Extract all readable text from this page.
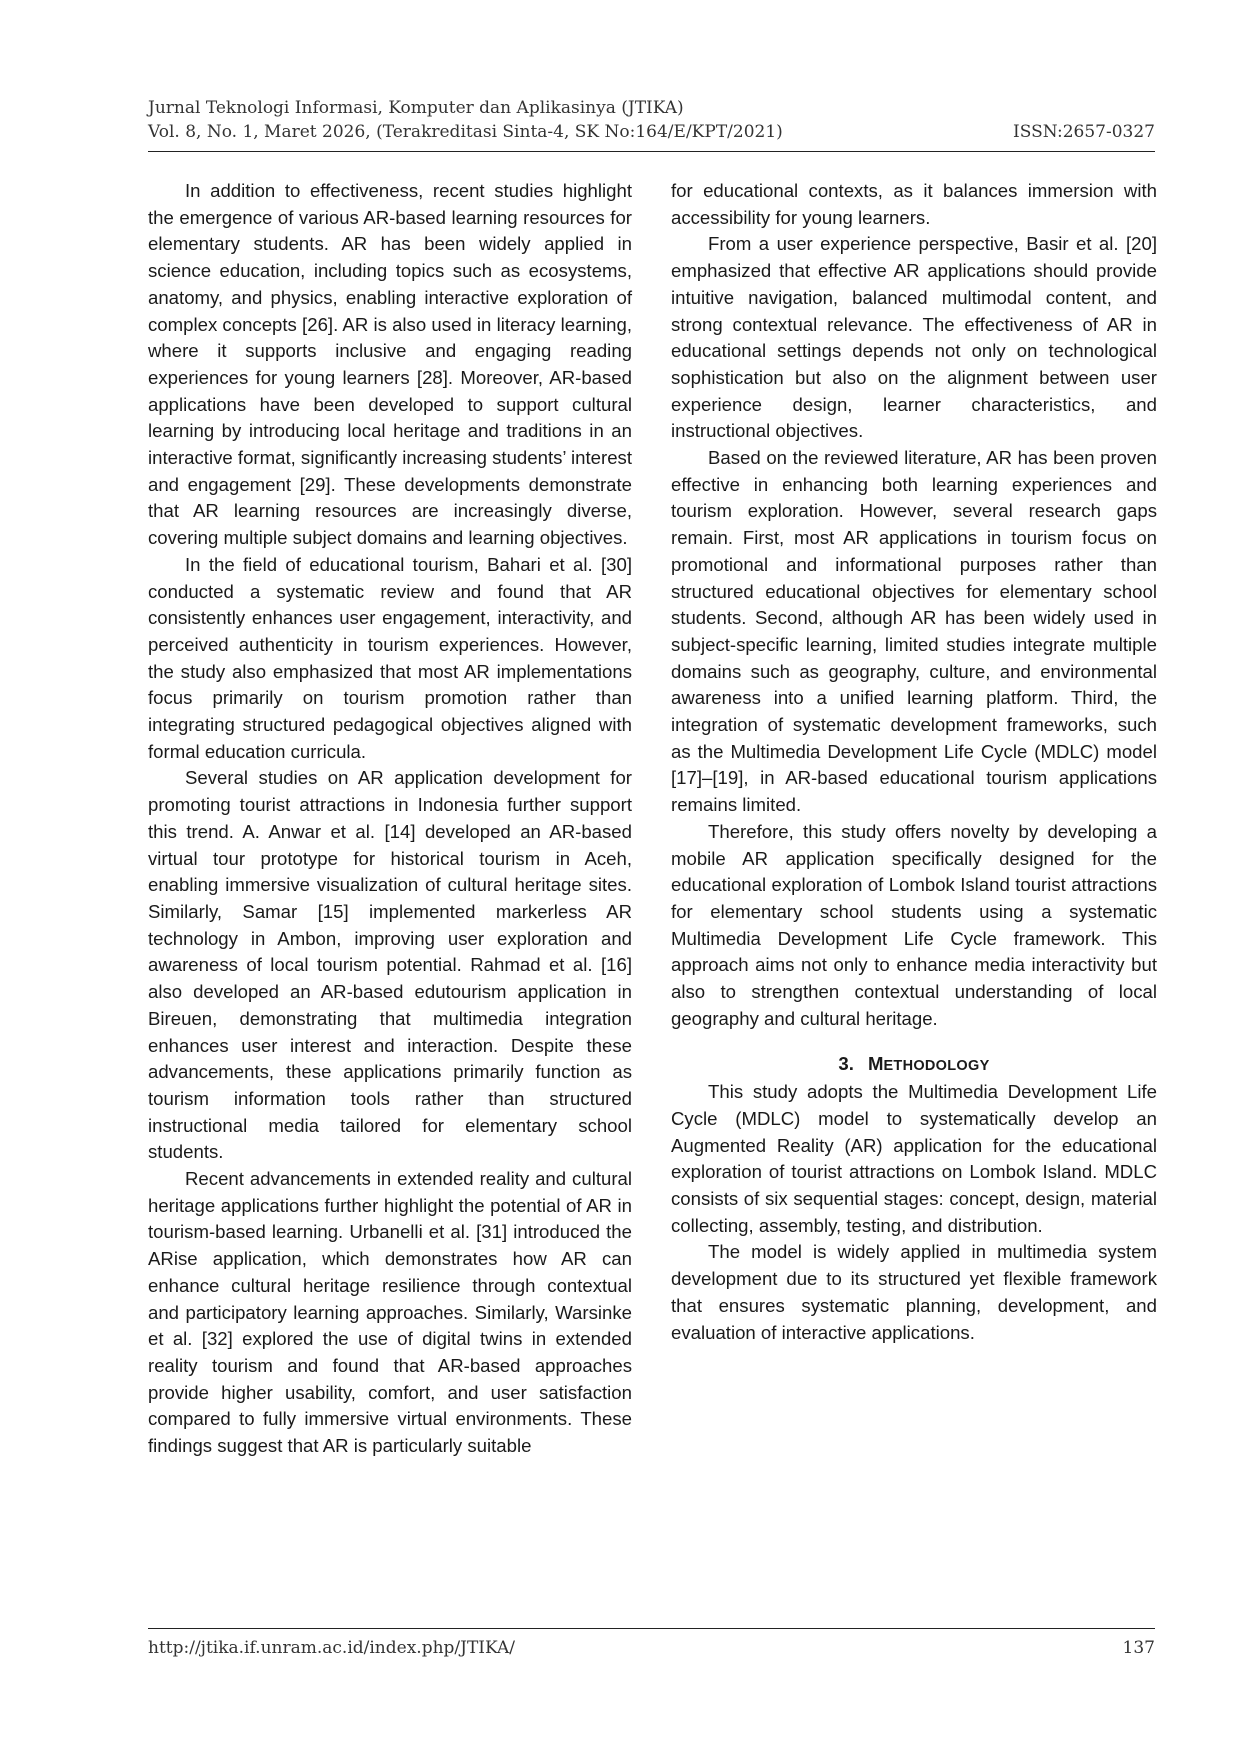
Jurnal Teknologi Informasi, Komputer dan Aplikasinya (JTIKA)
Vol. 8, No. 1, Maret 2026, (Terakreditasi Sinta-4, SK No:164/E/KPT/2021)	ISSN:2657-0327

In addition to effectiveness, recent studies highlight the emergence of various AR-based learning resources for elementary students. AR has been widely applied in science education, including topics such as ecosystems, anatomy, and physics, enabling interactive exploration of complex concepts [26]. AR is also used in literacy learning, where it supports inclusive and engaging reading experiences for young learners [28]. Moreover, AR-based applications have been developed to support cultural learning by introducing local heritage and traditions in an interactive format, significantly increasing students’ interest and engagement [29]. These developments demonstrate that AR learning resources are increasingly diverse, covering multiple subject domains and learning objectives.

In the field of educational tourism, Bahari et al. [30] conducted a systematic review and found that AR consistently enhances user engagement, interactivity, and perceived authenticity in tourism experiences. However, the study also emphasized that most AR implementations focus primarily on tourism promotion rather than integrating structured pedagogical objectives aligned with formal education curricula.

Several studies on AR application development for promoting tourist attractions in Indonesia further support this trend. A. Anwar et al. [14] developed an AR-based virtual tour prototype for historical tourism in Aceh, enabling immersive visualization of cultural heritage sites. Similarly, Samar [15] implemented markerless AR technology in Ambon, improving user exploration and awareness of local tourism potential. Rahmad et al. [16] also developed an AR-based edutourism application in Bireuen, demonstrating that multimedia integration enhances user interest and interaction. Despite these advancements, these applications primarily function as tourism information tools rather than structured instructional media tailored for elementary school students.

Recent advancements in extended reality and cultural heritage applications further highlight the potential of AR in tourism-based learning. Urbanelli et al. [31] introduced the ARise application, which demonstrates how AR can enhance cultural heritage resilience through contextual and participatory learning approaches. Similarly, Warsinke et al. [32] explored the use of digital twins in extended reality tourism and found that AR-based approaches provide higher usability, comfort, and user satisfaction compared to fully immersive virtual environments. These findings suggest that AR is particularly suitable

for educational contexts, as it balances immersion with accessibility for young learners.

From a user experience perspective, Basir et al. [20] emphasized that effective AR applications should provide intuitive navigation, balanced multimodal content, and strong contextual relevance. The effectiveness of AR in educational settings depends not only on technological sophistication but also on the alignment between user experience design, learner characteristics, and instructional objectives.

Based on the reviewed literature, AR has been proven effective in enhancing both learning experiences and tourism exploration. However, several research gaps remain. First, most AR applications in tourism focus on promotional and informational purposes rather than structured educational objectives for elementary school students. Second, although AR has been widely used in subject-specific learning, limited studies integrate multiple domains such as geography, culture, and environmental awareness into a unified learning platform. Third, the integration of systematic development frameworks, such as the Multimedia Development Life Cycle (MDLC) model [17]–[19], in AR-based educational tourism applications remains limited.

Therefore, this study offers novelty by developing a mobile AR application specifically designed for the educational exploration of Lombok Island tourist attractions for elementary school students using a systematic Multimedia Development Life Cycle framework. This approach aims not only to enhance media interactivity but also to strengthen contextual understanding of local geography and cultural heritage.

3. METHODOLOGY

This study adopts the Multimedia Development Life Cycle (MDLC) model to systematically develop an Augmented Reality (AR) application for the educational exploration of tourist attractions on Lombok Island. MDLC consists of six sequential stages: concept, design, material collecting, assembly, testing, and distribution.

The model is widely applied in multimedia system development due to its structured yet flexible framework that ensures systematic planning, development, and evaluation of interactive applications.

http://jtika.if.unram.ac.id/index.php/JTIKA/	137
